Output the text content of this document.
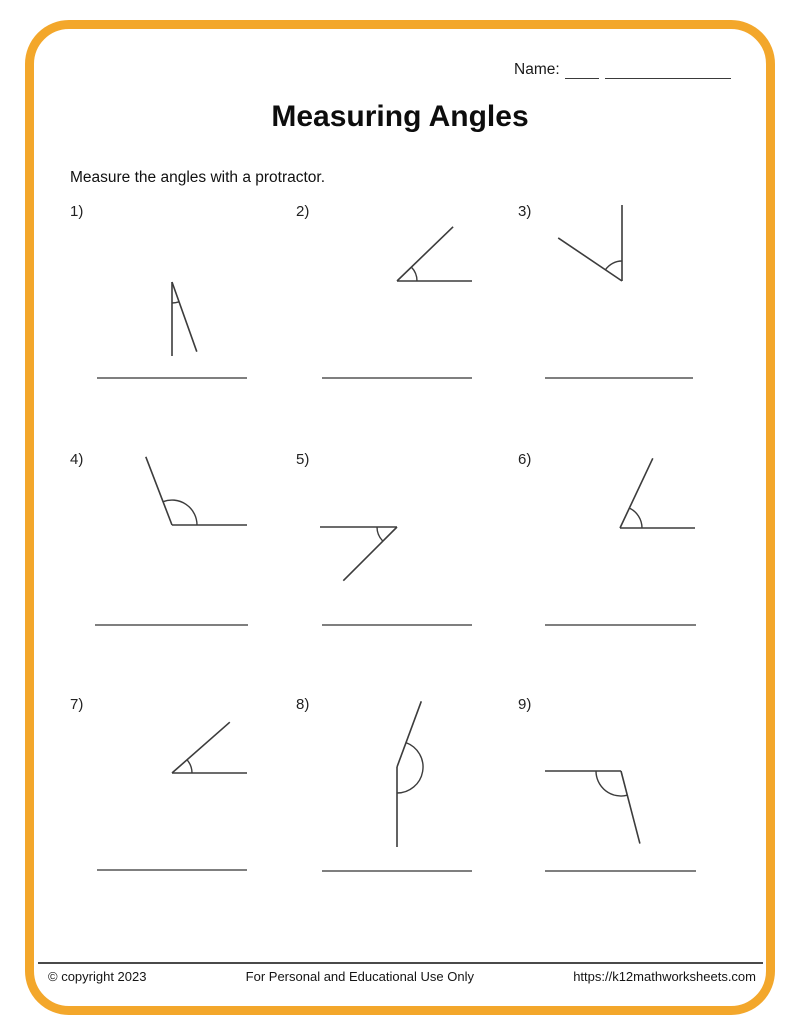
Name:
Measuring Angles

Measure the angles with a protractor.

1)	2)	3)
4)	5)	6)
7)	8)	9)
© copyright 2023	For Personal and Educational Use Only	https://k12mathworksheets.com
